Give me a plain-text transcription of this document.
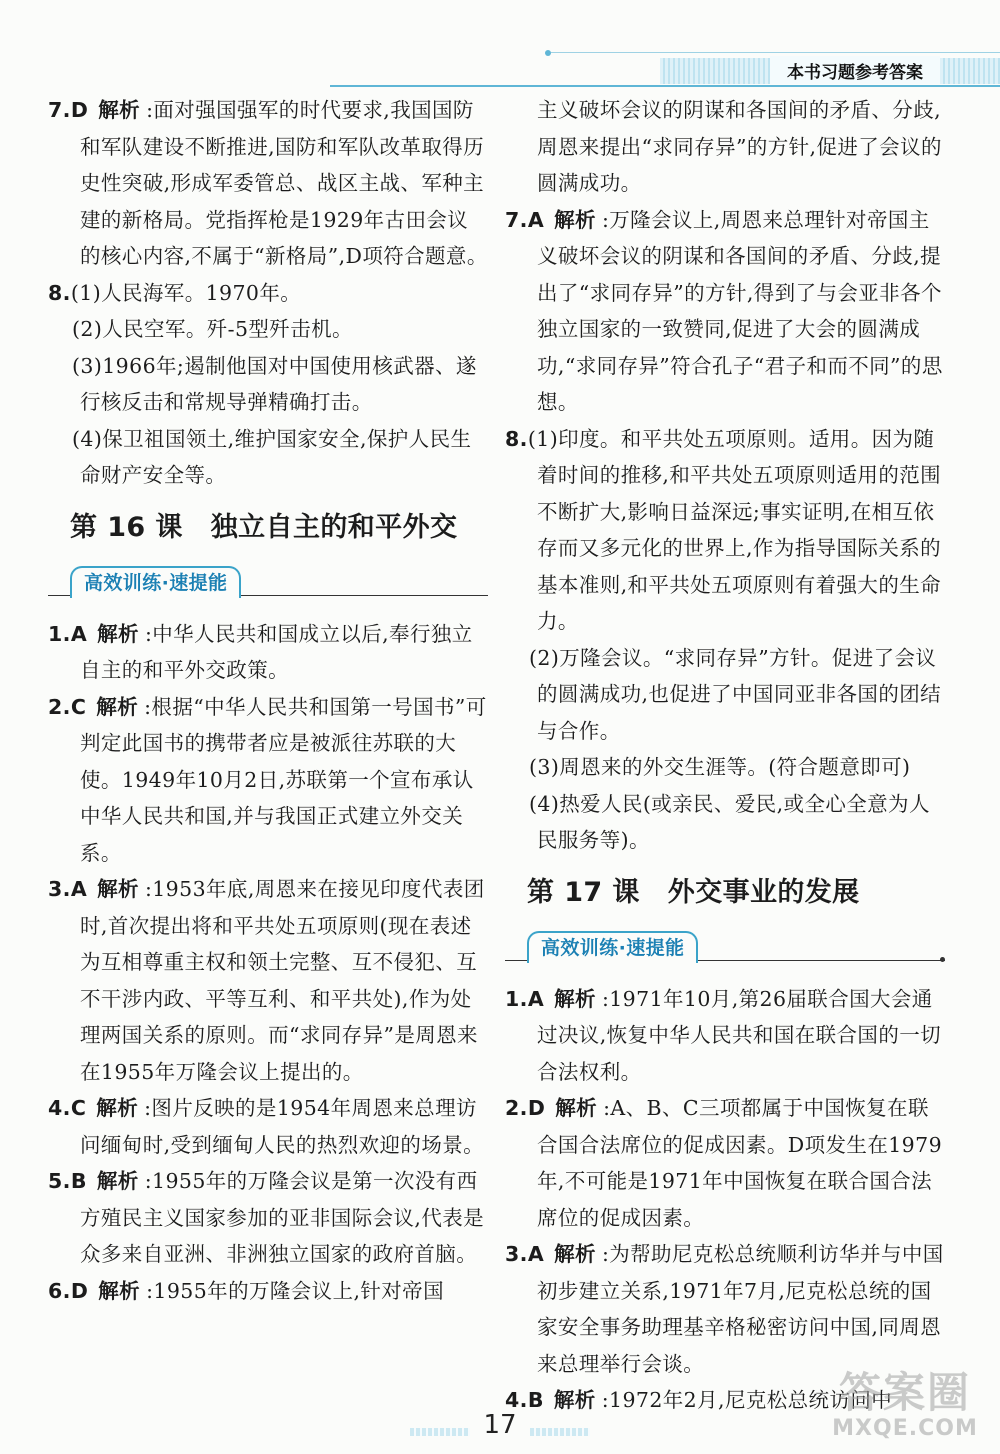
本书习题参考答案

7.D 解析 :面对强国强军的时代要求,我国国防和军队建设不断推进,国防和军队改革取得历史性突破,形成军委管总、战区主战、军种主建的新格局。党指挥枪是1929年古田会议的核心内容,不属于“新格局”,D项符合题意。

8.(1)人民海军。1970年。

(2)人民空军。歼-5型歼击机。

(3)1966年;遏制他国对中国使用核武器、遂行核反击和常规导弹精确打击。

(4)保卫祖国领土,维护国家安全,保护人民生命财产安全等。

第 16 课 独立自主的和平外交
高效训练·速提能

1.A 解析 :中华人民共和国成立以后,奉行独立自主的和平外交政策。

2.C 解析 :根据“中华人民共和国第一号国书”可判定此国书的携带者应是被派往苏联的大使。1949年10月2日,苏联第一个宣布承认中华人民共和国,并与我国正式建立外交关系。

3.A 解析 :1953年底,周恩来在接见印度代表团时,首次提出将和平共处五项原则(现在表述为互相尊重主权和领土完整、互不侵犯、互不干涉内政、平等互利、和平共处),作为处理两国关系的原则。而“求同存异”是周恩来在1955年万隆会议上提出的。

4.C 解析 :图片反映的是1954年周恩来总理访问缅甸时,受到缅甸人民的热烈欢迎的场景。

5.B 解析 :1955年的万隆会议是第一次没有西方殖民主义国家参加的亚非国际会议,代表是众多来自亚洲、非洲独立国家的政府首脑。

6.D 解析 :1955年的万隆会议上,针对帝国

主义破坏会议的阴谋和各国间的矛盾、分歧,周恩来提出“求同存异”的方针,促进了会议的圆满成功。

7.A 解析 :万隆会议上,周恩来总理针对帝国主义破坏会议的阴谋和各国间的矛盾、分歧,提出了“求同存异”的方针,得到了与会亚非各个独立国家的一致赞同,促进了大会的圆满成功,“求同存异”符合孔子“君子和而不同”的思想。

8.(1)印度。和平共处五项原则。适用。因为随着时间的推移,和平共处五项原则适用的范围不断扩大,影响日益深远;事实证明,在相互依存而又多元化的世界上,作为指导国际关系的基本准则,和平共处五项原则有着强大的生命力。

(2)万隆会议。“求同存异”方针。促进了会议的圆满成功,也促进了中国同亚非各国的团结与合作。

(3)周恩来的外交生涯等。(符合题意即可)

(4)热爱人民(或亲民、爱民,或全心全意为人民服务等)。

第 17 课 外交事业的发展
高效训练·速提能

1.A 解析 :1971年10月,第26届联合国大会通过决议,恢复中华人民共和国在联合国的一切合法权利。

2.D 解析 :A、B、C三项都属于中国恢复在联合国合法席位的促成因素。D项发生在1979年,不可能是1971年中国恢复在联合国合法席位的促成因素。

3.A 解析 :为帮助尼克松总统顺利访华并与中国初步建立关系,1971年7月,尼克松总统的国家安全事务助理基辛格秘密访问中国,同周恩来总理举行会谈。

4.B 解析 :1972年2月,尼克松总统访问中

17
答案圈
MXQE.COM
